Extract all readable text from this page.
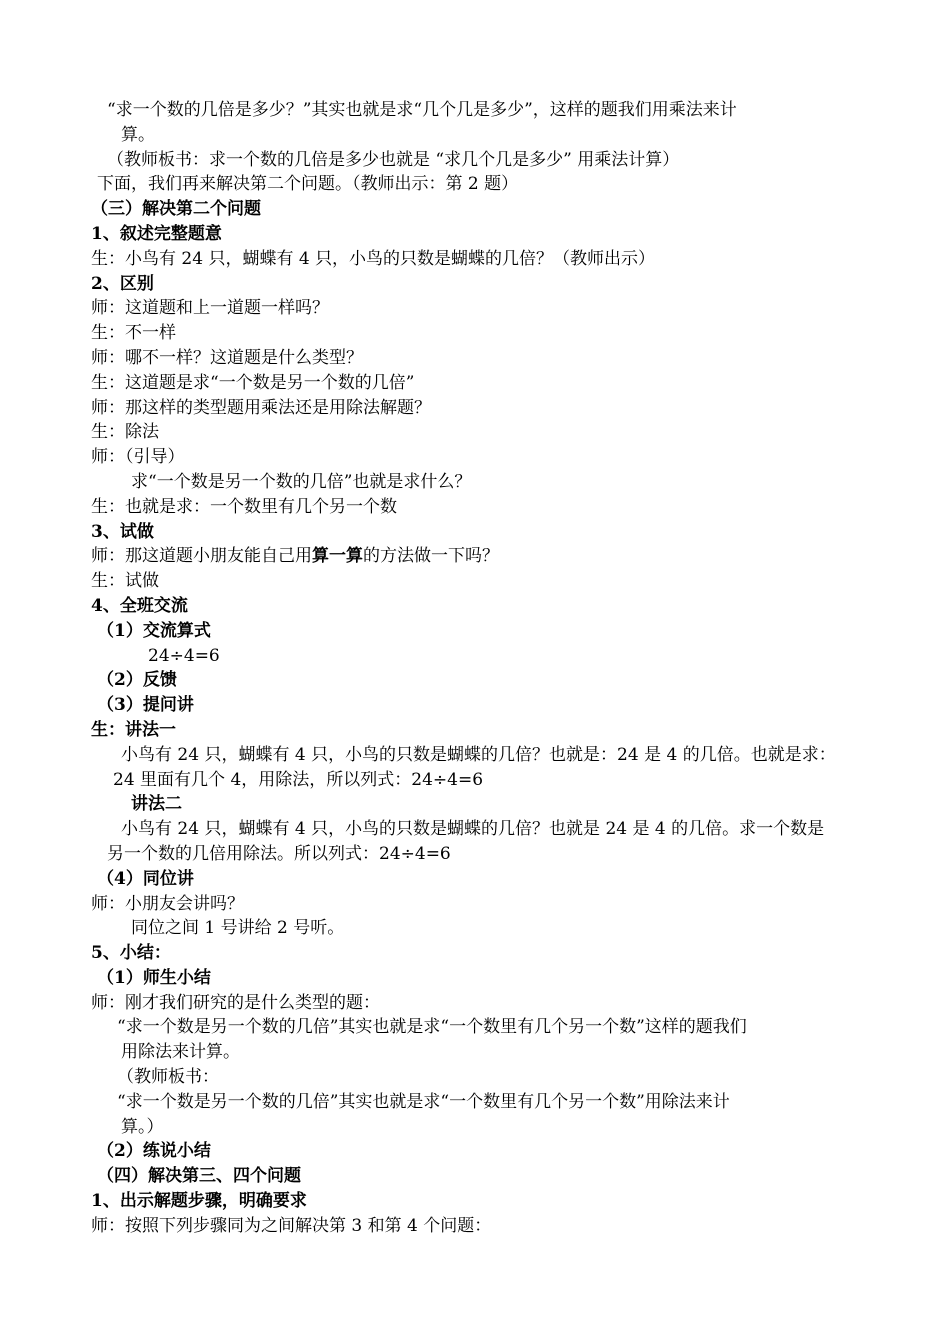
“求一个数的几倍是多少？”其实也就是求“几个几是多少”，这样的题我们用乘法来计

算。

（教师板书：求一个数的几倍是多少也就是 “求几个几是多少” 用乘法计算）

下面，我们再来解决第二个问题。（教师出示：第 2 题）

（三）解决第二个问题

1、叙述完整题意

生：小鸟有 24 只，蝴蝶有 4 只，小鸟的只数是蝴蝶的几倍？（教师出示）

2、区别

师：这道题和上一道题一样吗？

生：不一样

师：哪不一样？这道题是什么类型？

生：这道题是求“一个数是另一个数的几倍”

师：那这样的类型题用乘法还是用除法解题？

生：除法

师：（引导）

求“一个数是另一个数的几倍”也就是求什么？

生：也就是求：一个数里有几个另一个数

3、试做

师：那这道题小朋友能自己用算一算的方法做一下吗？

生：试做

4、全班交流

（1）交流算式

24÷4=6

（2）反馈

（3）提问讲

生：讲法一

小鸟有 24 只，蝴蝶有 4 只，小鸟的只数是蝴蝶的几倍？也就是：24 是 4 的几倍。也就是求：

24 里面有几个 4，用除法，所以列式：24÷4=6

讲法二

小鸟有 24 只，蝴蝶有 4 只，小鸟的只数是蝴蝶的几倍？也就是 24 是 4 的几倍。求一个数是

另一个数的几倍用除法。所以列式：24÷4=6

（4）同位讲

师：小朋友会讲吗？

同位之间 1 号讲给 2 号听。

5、小结：

（1）师生小结

师：刚才我们研究的是什么类型的题：

“求一个数是另一个数的几倍”其实也就是求“一个数里有几个另一个数”这样的题我们

用除法来计算。

（教师板书：

“求一个数是另一个数的几倍”其实也就是求“一个数里有几个另一个数”用除法来计

算。）

（2）练说小结

（四）解决第三、四个问题

1、出示解题步骤，明确要求

师：按照下列步骤同为之间解决第 3 和第 4 个问题：
